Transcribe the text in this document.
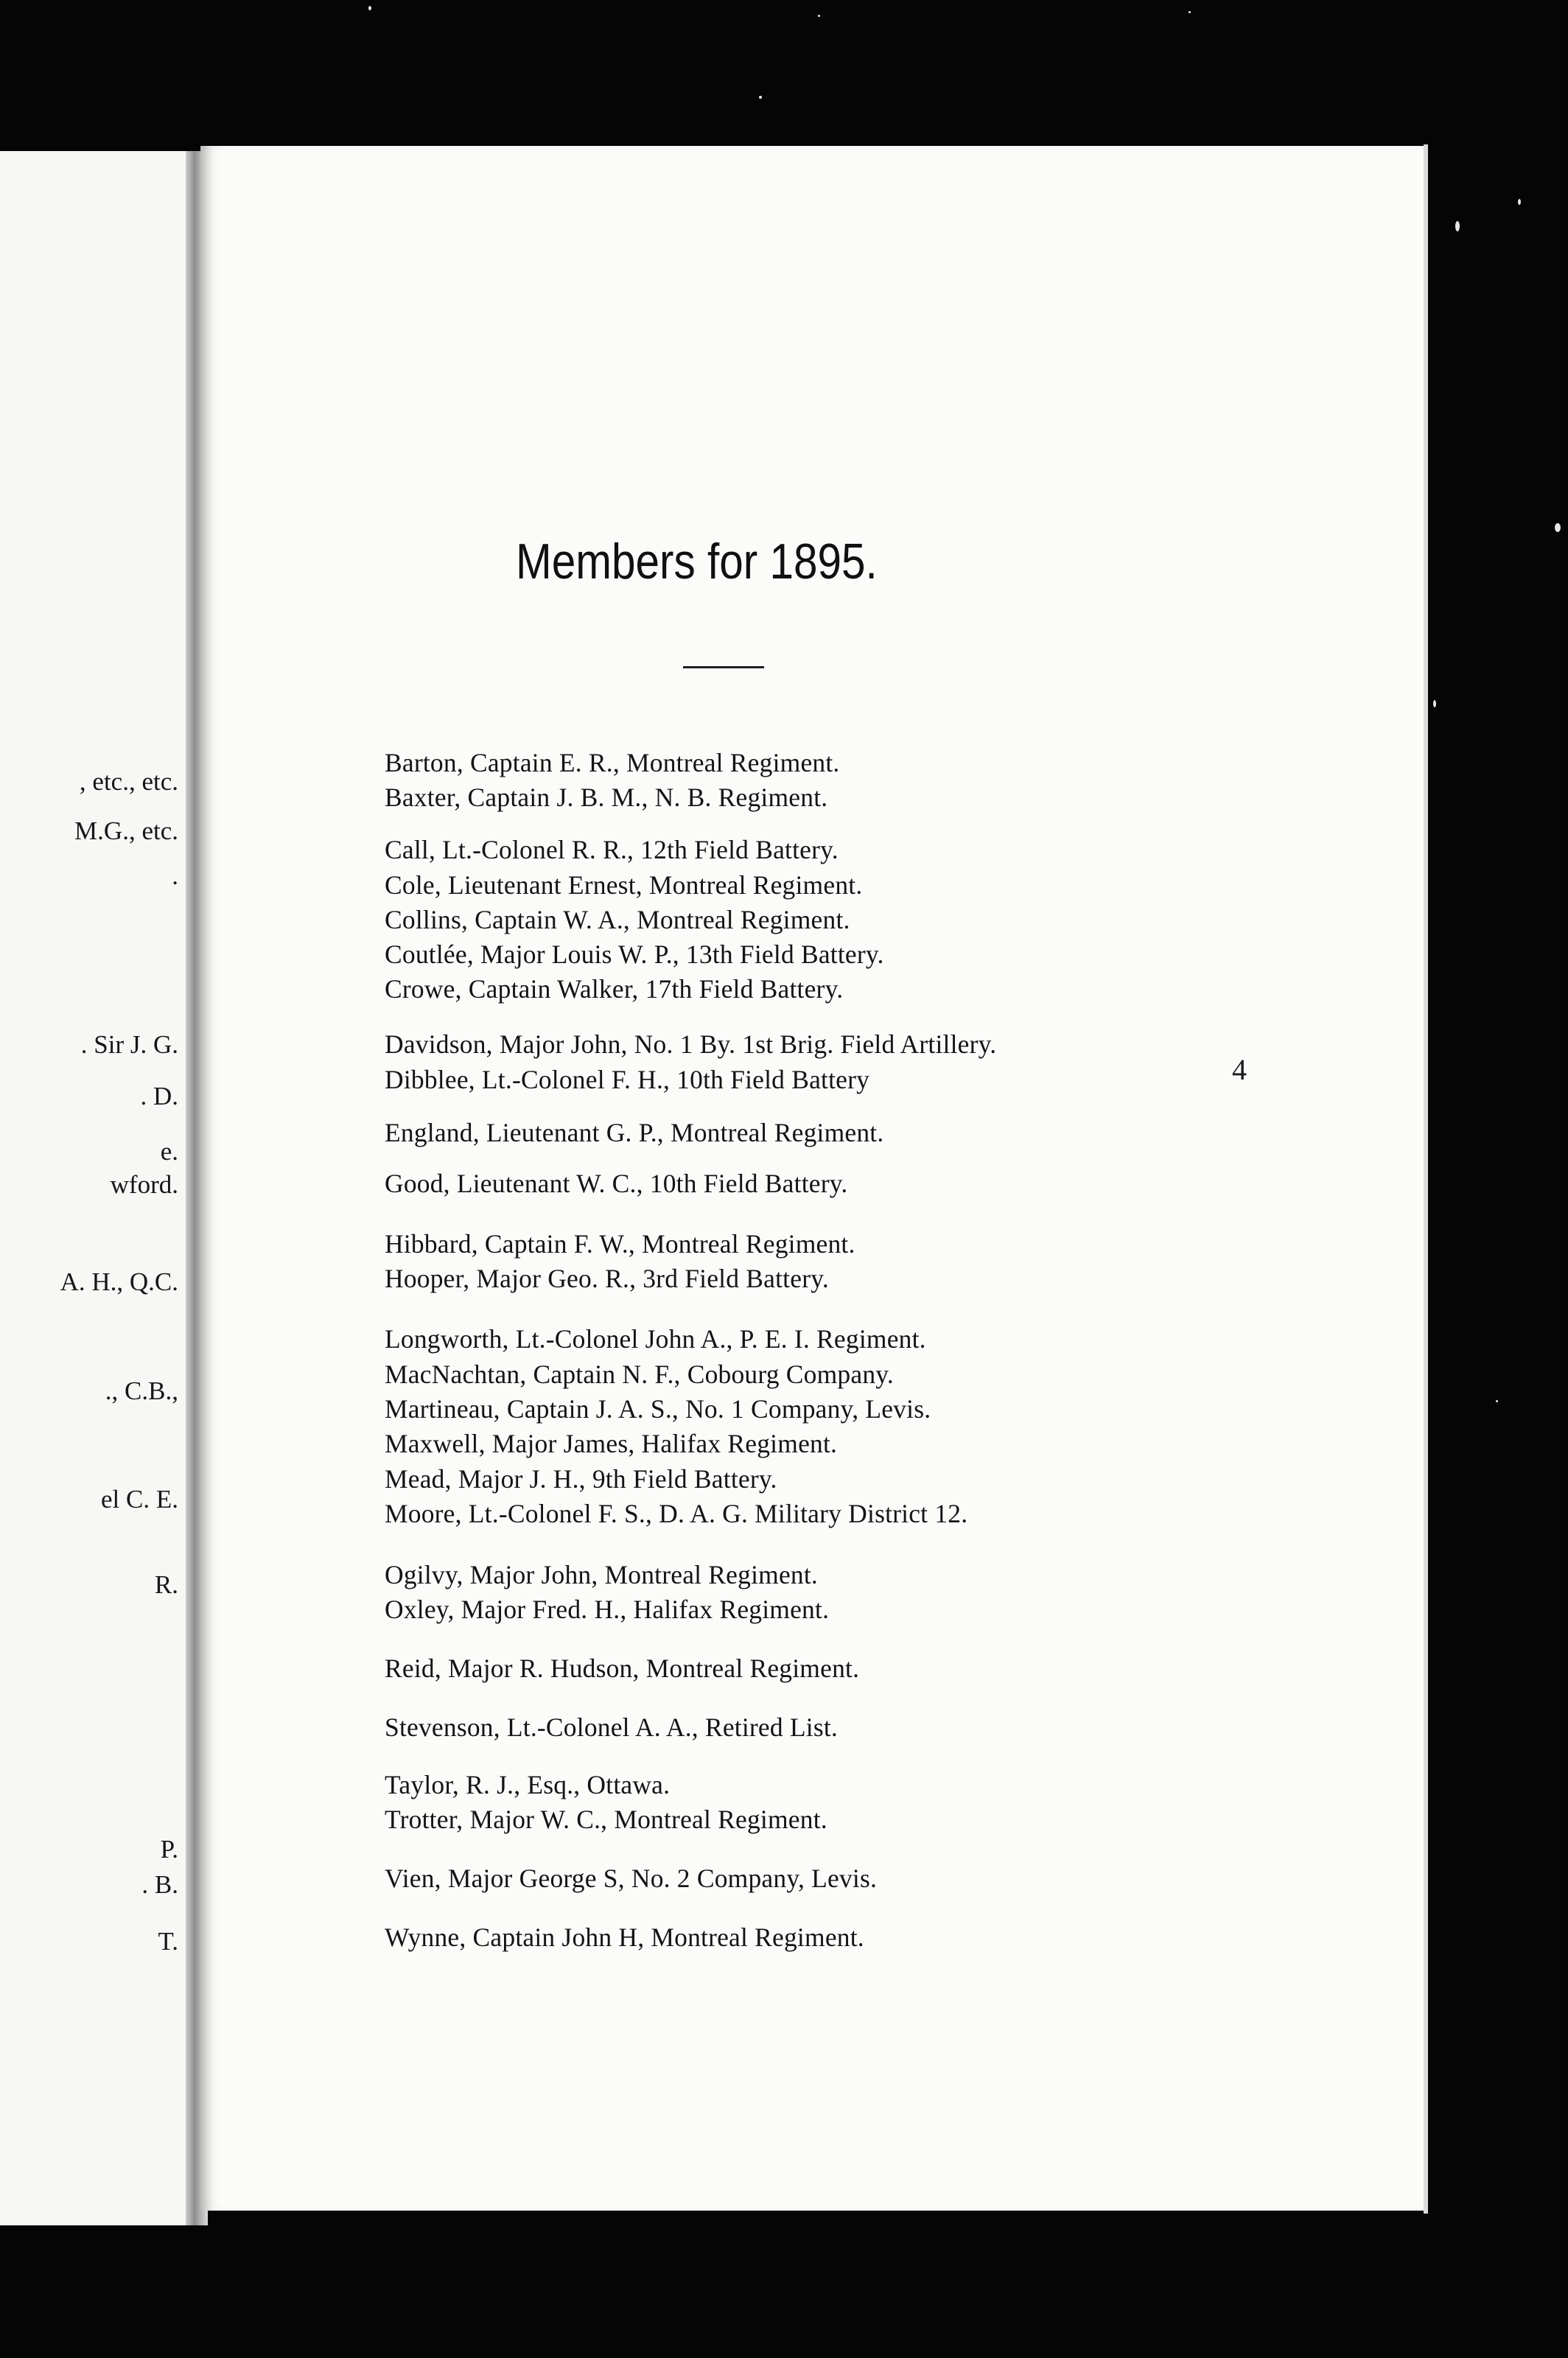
.
, etc., etc.
M.G., etc.
. Sir J. G.
. D.
e.
wford.
A. H., Q.C.
., C.B.,
el C. E.
R.
P.
. B.
T.
Members for 1895.
Barton, Captain E. R., Montreal Regiment.
Baxter, Captain J. B. M., N. B. Regiment.
Call, Lt.-Colonel R. R., 12th Field Battery.
Cole, Lieutenant Ernest, Montreal Regiment.
Collins, Captain W. A., Montreal Regiment.
Coutlée, Major Louis W. P., 13th Field Battery.
Crowe, Captain Walker, 17th Field Battery.
Davidson, Major John, No. 1 By. 1st Brig. Field Artillery.
Dibblee, Lt.-Colonel F. H., 10th Field Battery
England, Lieutenant G. P., Montreal Regiment.
Good, Lieutenant W. C., 10th Field Battery.
Hibbard, Captain F. W., Montreal Regiment.
Hooper, Major Geo. R., 3rd Field Battery.
Longworth, Lt.-Colonel John A., P. E. I. Regiment.
MacNachtan, Captain N. F., Cobourg Company.
Martineau, Captain J. A. S., No. 1 Company, Levis.
Maxwell, Major James, Halifax Regiment.
Mead, Major J. H., 9th Field Battery.
Moore, Lt.-Colonel F. S., D. A. G. Military District 12.
Ogilvy, Major John, Montreal Regiment.
Oxley, Major Fred. H., Halifax Regiment.
Reid, Major R. Hudson, Montreal Regiment.
Stevenson, Lt.-Colonel A. A., Retired List.
Taylor, R. J., Esq., Ottawa.
Trotter, Major W. C., Montreal Regiment.
Vien, Major George S, No. 2 Company, Levis.
Wynne, Captain John H, Montreal Regiment.
4
